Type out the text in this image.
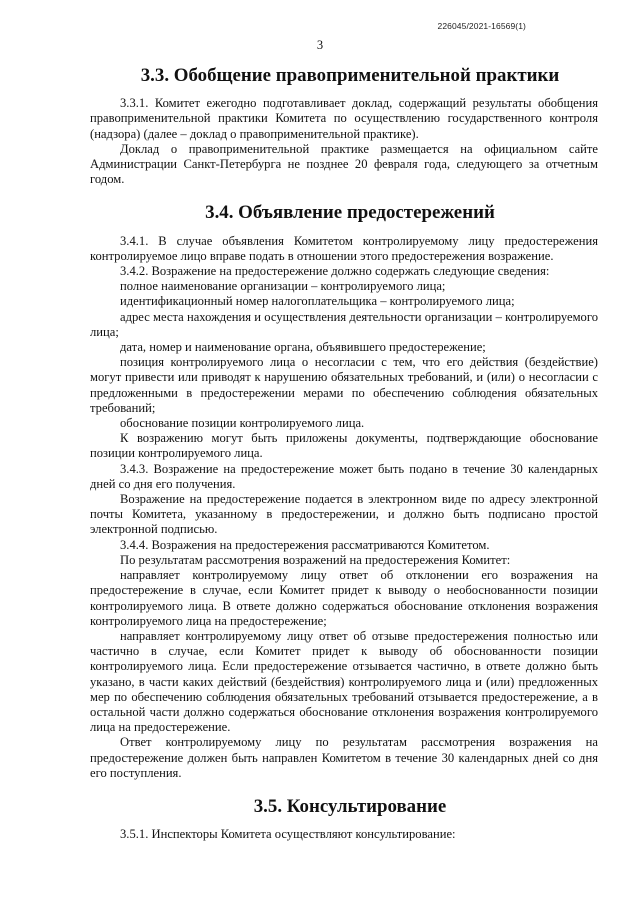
226045/2021-16569(1)
3
3.3. Обобщение правоприменительной практики

3.3.1. Комитет ежегодно подготавливает доклад, содержащий результаты обобщения правоприменительной практики Комитета по осуществлению государственного контроля (надзора) (далее – доклад о правоприменительной практике).

Доклад о правоприменительной практике размещается на официальном сайте Администрации Санкт-Петербурга не позднее 20 февраля года, следующего за отчетным годом.

3.4. Объявление предостережений

3.4.1. В случае объявления Комитетом контролируемому лицу предостережения контролируемое лицо вправе подать в отношении этого предостережения возражение.

3.4.2. Возражение на предостережение должно содержать следующие сведения:

полное наименование организации – контролируемого лица;

идентификационный номер налогоплательщика – контролируемого лица;

адрес места нахождения и осуществления деятельности организации – контролируемого лица;

дата, номер и наименование органа, объявившего предостережение;

позиция контролируемого лица о несогласии с тем, что его действия (бездействие) могут привести или приводят к нарушению обязательных требований, и (или) о несогласии с предложенными в предостережении мерами по обеспечению соблюдения обязательных требований;

обоснование позиции контролируемого лица.

К возражению могут быть приложены документы, подтверждающие обоснование позиции контролируемого лица.

3.4.3. Возражение на предостережение может быть подано в течение 30 календарных дней со дня его получения.

Возражение на предостережение подается в электронном виде по адресу электронной почты Комитета, указанному в предостережении, и должно быть подписано простой электронной подписью.

3.4.4. Возражения на предостережения рассматриваются Комитетом.

По результатам рассмотрения возражений на предостережения Комитет:

направляет контролируемому лицу ответ об отклонении его возражения на предостережение в случае, если Комитет придет к выводу о необоснованности позиции контролируемого лица. В ответе должно содержаться обоснование отклонения возражения контролируемого лица на предостережение;

направляет контролируемому лицу ответ об отзыве предостережения полностью или частично в случае, если Комитет придет к выводу об обоснованности позиции контролируемого лица. Если предостережение отзывается частично, в ответе должно быть указано, в части каких действий (бездействия) контролируемого лица и (или) предложенных мер по обеспечению соблюдения обязательных требований отзывается предостережение, а в остальной части должно содержаться обоснование отклонения возражения контролируемого лица на предостережение.

Ответ контролируемому лицу по результатам рассмотрения возражения на предостережение должен быть направлен Комитетом в течение 30 календарных дней со дня его поступления.

3.5. Консультирование

3.5.1. Инспекторы Комитета осуществляют консультирование:
